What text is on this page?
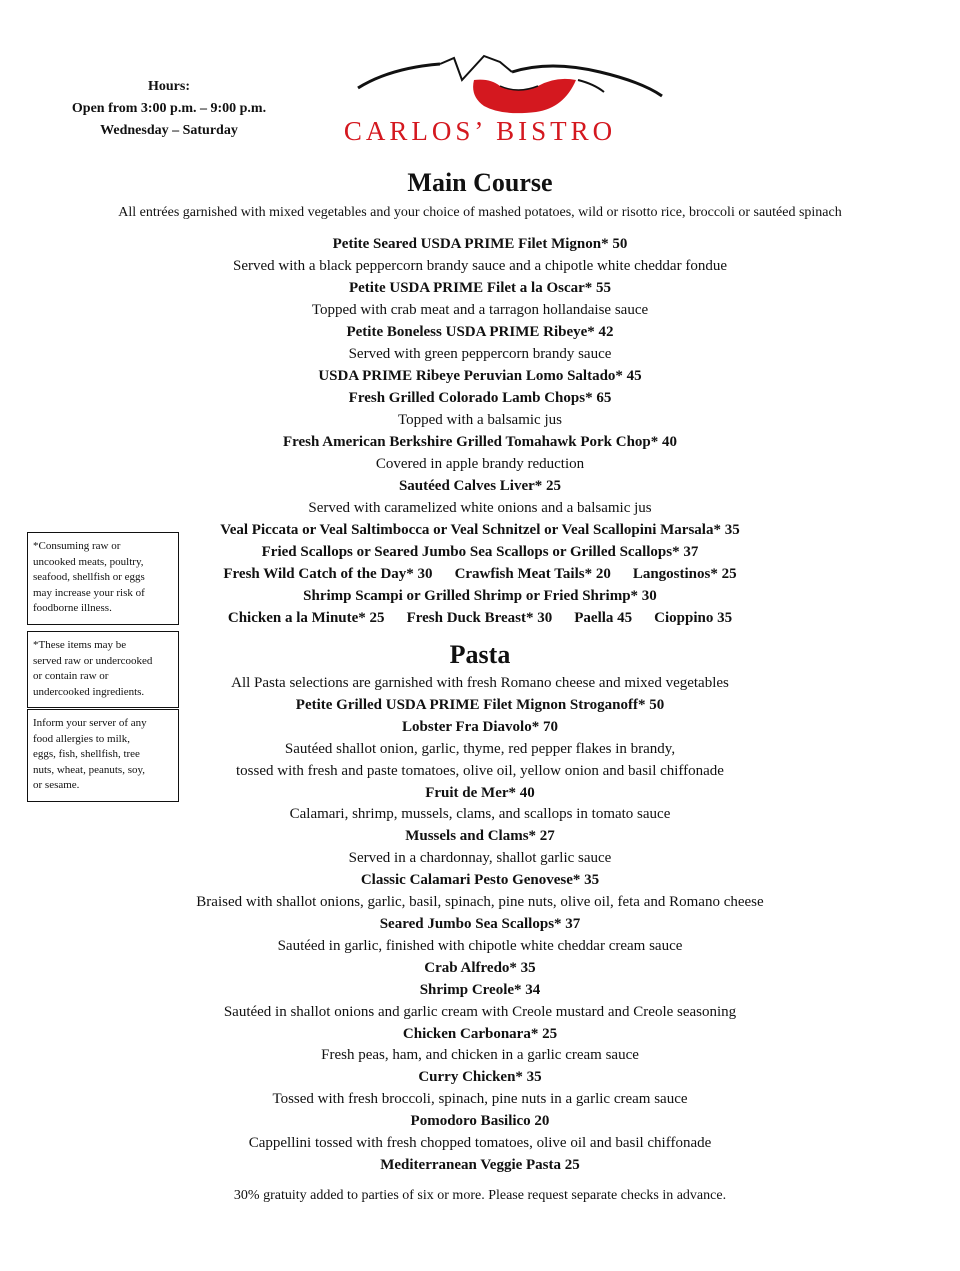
Hours:
Open from 3:00 p.m. – 9:00 p.m.
Wednesday – Saturday	CARLOS’ BISTRO
Main Course
All entrées garnished with mixed vegetables and your choice of mashed potatoes, wild or risotto rice, broccoli or sautéed spinach
Petite Seared USDA PRIME Filet Mignon* 50
Served with a black peppercorn brandy sauce and a chipotle white cheddar fondue
Petite USDA PRIME Filet a la Oscar* 55
Topped with crab meat and a tarragon hollandaise sauce
Petite Boneless USDA PRIME Ribeye* 42
Served with green peppercorn brandy sauce
USDA PRIME Ribeye Peruvian Lomo Saltado* 45
Fresh Grilled Colorado Lamb Chops* 65
Topped with a balsamic jus
Fresh American Berkshire Grilled Tomahawk Pork Chop* 40
Covered in apple brandy reduction
Sautéed Calves Liver* 25
Served with caramelized white onions and a balsamic jus
Veal Piccata or Veal Saltimbocca or Veal Schnitzel or Veal Scallopini Marsala* 35
Fried Scallops or Seared Jumbo Sea Scallops or Grilled Scallops* 37
Fresh Wild Catch of the Day* 30 Crawfish Meat Tails* 20 Langostinos* 25
Shrimp Scampi or Grilled Shrimp or Fried Shrimp* 30
Chicken a la Minute* 25 Fresh Duck Breast* 30 Paella 45 Cioppino 35
Pasta
All Pasta selections are garnished with fresh Romano cheese and mixed vegetables
Petite Grilled USDA PRIME Filet Mignon Stroganoff* 50
Lobster Fra Diavolo* 70
Sautéed shallot onion, garlic, thyme, red pepper flakes in brandy,
tossed with fresh and paste tomatoes, olive oil, yellow onion and basil chiffonade
Fruit de Mer* 40
Calamari, shrimp, mussels, clams, and scallops in tomato sauce
Mussels and Clams* 27
Served in a chardonnay, shallot garlic sauce
Classic Calamari Pesto Genovese* 35
Braised with shallot onions, garlic, basil, spinach, pine nuts, olive oil, feta and Romano cheese
Seared Jumbo Sea Scallops* 37
Sautéed in garlic, finished with chipotle white cheddar cream sauce
Crab Alfredo* 35
Shrimp Creole* 34
Sautéed in shallot onions and garlic cream with Creole mustard and Creole seasoning
Chicken Carbonara* 25
Fresh peas, ham, and chicken in a garlic cream sauce
Curry Chicken* 35
Tossed with fresh broccoli, spinach, pine nuts in a garlic cream sauce
Pomodoro Basilico 20
Cappellini tossed with fresh chopped tomatoes, olive oil and basil chiffonade
Mediterranean Veggie Pasta 25
*Consuming raw or
uncooked meats, poultry,
seafood, shellfish or eggs
may increase your risk of
foodborne illness.
*These items may be
served raw or undercooked
or contain raw or
undercooked ingredients.
Inform your server of any
food allergies to milk,
eggs, fish, shellfish, tree
nuts, wheat, peanuts, soy,
or sesame.
30% gratuity added to parties of six or more. Please request separate checks in advance.
